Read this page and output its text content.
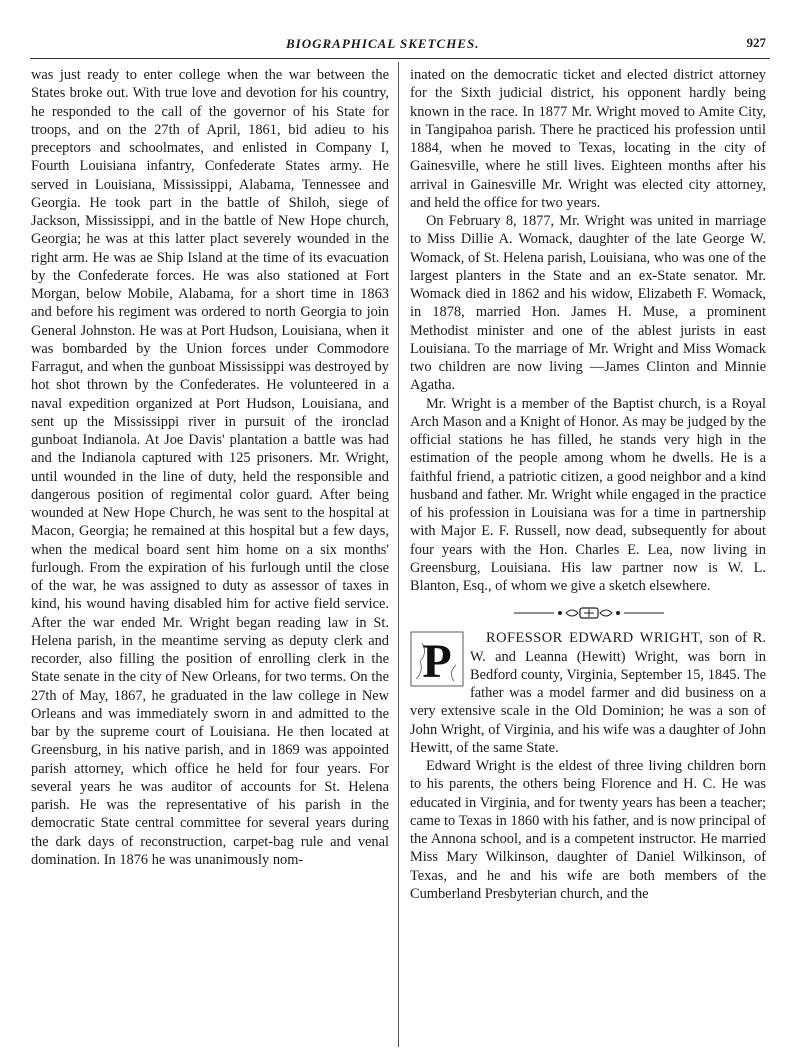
BIOGRAPHICAL SKETCHES.	927

was just ready to enter college when the war between the States broke out. With true love and devotion for his country, he responded to the call of the governor of his State for troops, and on the 27th of April, 1861, bid adieu to his preceptors and schoolmates, and enlisted in Company I, Fourth Louisiana infantry, Confederate States army. He served in Louisiana, Mississippi, Alabama, Tennessee and Georgia. He took part in the battle of Shiloh, siege of Jackson, Mississippi, and in the battle of New Hope church, Georgia; he was at this latter plact severely wounded in the right arm. He was ae Ship Island at the time of its evacuation by the Confederate forces. He was also stationed at Fort Morgan, below Mobile, Alabama, for a short time in 1863 and before his regiment was ordered to north Georgia to join General Johnston. He was at Port Hudson, Louisiana, when it was bombarded by the Union forces under Commodore Farragut, and when the gunboat Mississippi was destroyed by hot shot thrown by the Confederates. He volunteered in a naval expedition organized at Port Hudson, Louisiana, and sent up the Mississippi river in pursuit of the ironclad gunboat Indianola. At Joe Davis' plantation a battle was had and the Indianola captured with 125 prisoners. Mr. Wright, until wounded in the line of duty, held the responsible and dangerous position of regimental color guard. After being wounded at New Hope Church, he was sent to the hospital at Macon, Georgia; he remained at this hospital but a few days, when the medical board sent him home on a six months' furlough. From the expiration of his furlough until the close of the war, he was assigned to duty as assessor of taxes in kind, his wound having disabled him for active field service. After the war ended Mr. Wright began reading law in St. Helena parish, in the meantime serving as deputy clerk and recorder, also filling the position of enrolling clerk in the State senate in the city of New Orleans, for two terms. On the 27th of May, 1867, he graduated in the law college in New Orleans and was immediately sworn in and admitted to the bar by the supreme court of Louisiana. He then located at Greensburg, in his native parish, and in 1869 was appointed parish attorney, which office he held for four years. For several years he was auditor of accounts for St. Helena parish. He was the representative of his parish in the democratic State central committee for several years during the dark days of reconstruction, carpet-bag rule and venal domination. In 1876 he was unanimously nom-

inated on the democratic ticket and elected district attorney for the Sixth judicial district, his opponent hardly being known in the race. In 1877 Mr. Wright moved to Amite City, in Tangipahoa parish. There he practiced his profession until 1884, when he moved to Texas, locating in the city of Gainesville, where he still lives. Eighteen months after his arrival in Gainesville Mr. Wright was elected city attorney, and held the office for two years.

On February 8, 1877, Mr. Wright was united in marriage to Miss Dillie A. Womack, daughter of the late George W. Womack, of St. Helena parish, Louisiana, who was one of the largest planters in the State and an ex-State senator. Mr. Womack died in 1862 and his widow, Elizabeth F. Womack, in 1878, married Hon. James H. Muse, a prominent Methodist minister and one of the ablest jurists in east Louisiana. To the marriage of Mr. Wright and Miss Womack two children are now living —James Clinton and Minnie Agatha.

Mr. Wright is a member of the Baptist church, is a Royal Arch Mason and a Knight of Honor. As may be judged by the official stations he has filled, he stands very high in the estimation of the people among whom he dwells. He is a faithful friend, a patriotic citizen, a good neighbor and a kind husband and father. Mr. Wright while engaged in the practice of his profession in Louisiana was for a time in partnership with Major E. F. Russell, now dead, subsequently for about four years with the Hon. Charles E. Lea, now living in Greensburg, Louisiana. His law partner now is W. L. Blanton, Esq., of whom we give a sketch elsewhere.

P ROFESSOR EDWARD WRIGHT, son of R. W. and Leanna (Hewitt) Wright, was born in Bedford county, Virginia, September 15, 1845. The father was a model farmer and did business on a very extensive scale in the Old Dominion; he was a son of John Wright, of Virginia, and his wife was a daughter of John Hewitt, of the same State.

Edward Wright is the eldest of three living children born to his parents, the others being Florence and H. C. He was educated in Virginia, and for twenty years has been a teacher; came to Texas in 1860 with his father, and is now principal of the Annona school, and is a competent instructor. He married Miss Mary Wilkinson, daughter of Daniel Wilkinson, of Texas, and he and his wife are both members of the Cumberland Presbyterian church, and the
